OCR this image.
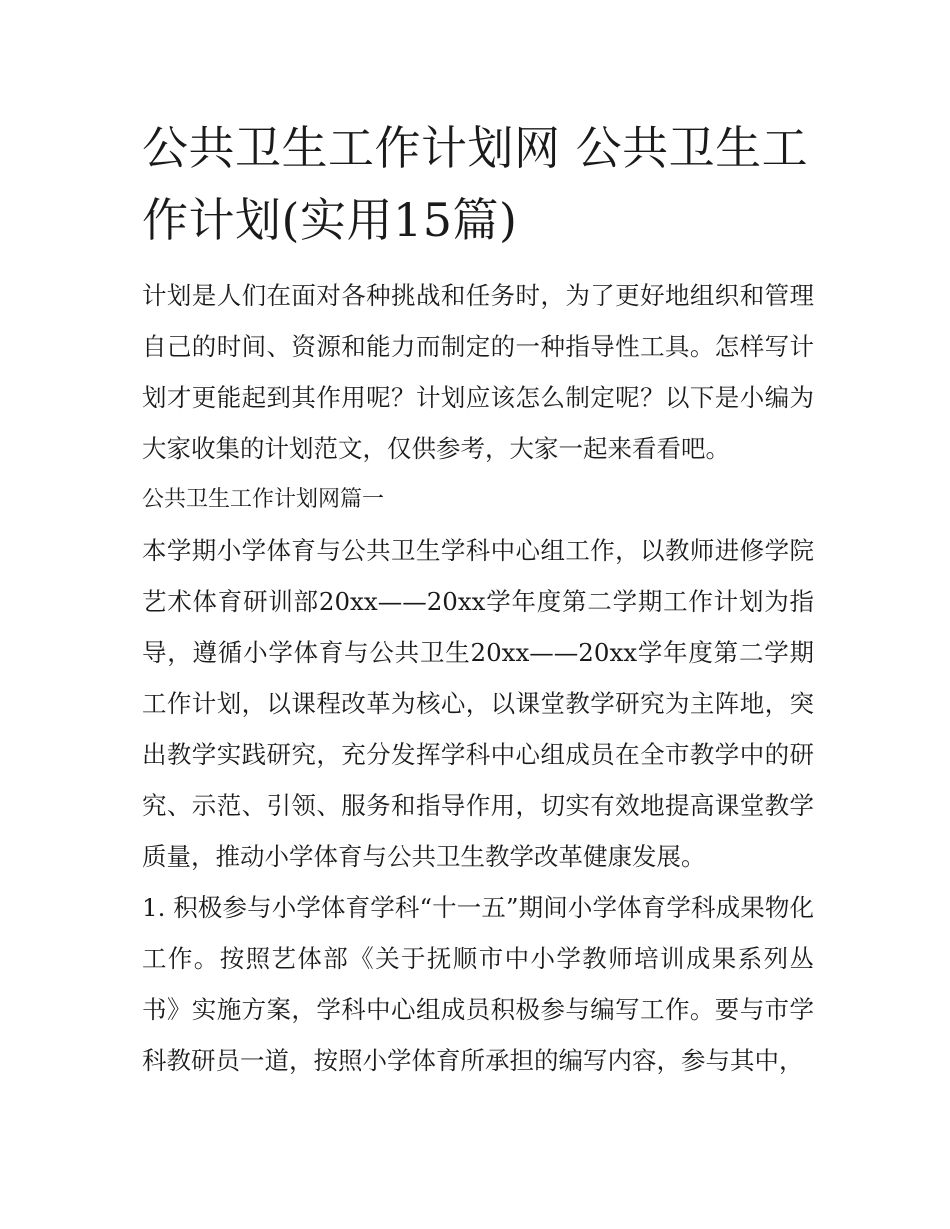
公共卫生工作计划网 公共卫生工作计划(实用15篇)

计划是人们在面对各种挑战和任务时，为了更好地组织和管理自己的时间、资源和能力而制定的一种指导性工具。怎样写计划才更能起到其作用呢？计划应该怎么制定呢？以下是小编为大家收集的计划范文，仅供参考，大家一起来看看吧。

公共卫生工作计划网篇一

本学期小学体育与公共卫生学科中心组工作，以教师进修学院艺术体育研训部20xx——20xx学年度第二学期工作计划为指导，遵循小学体育与公共卫生20xx——20xx学年度第二学期工作计划，以课程改革为核心，以课堂教学研究为主阵地，突出教学实践研究，充分发挥学科中心组成员在全市教学中的研究、示范、引领、服务和指导作用，切实有效地提高课堂教学质量，推动小学体育与公共卫生教学改革健康发展。

1. 积极参与小学体育学科“十一五”期间小学体育学科成果物化工作。按照艺体部《关于抚顺市中小学教师培训成果系列丛书》实施方案，学科中心组成员积极参与编写工作。要与市学科教研员一道，按照小学体育所承担的编写内容，参与其中，
